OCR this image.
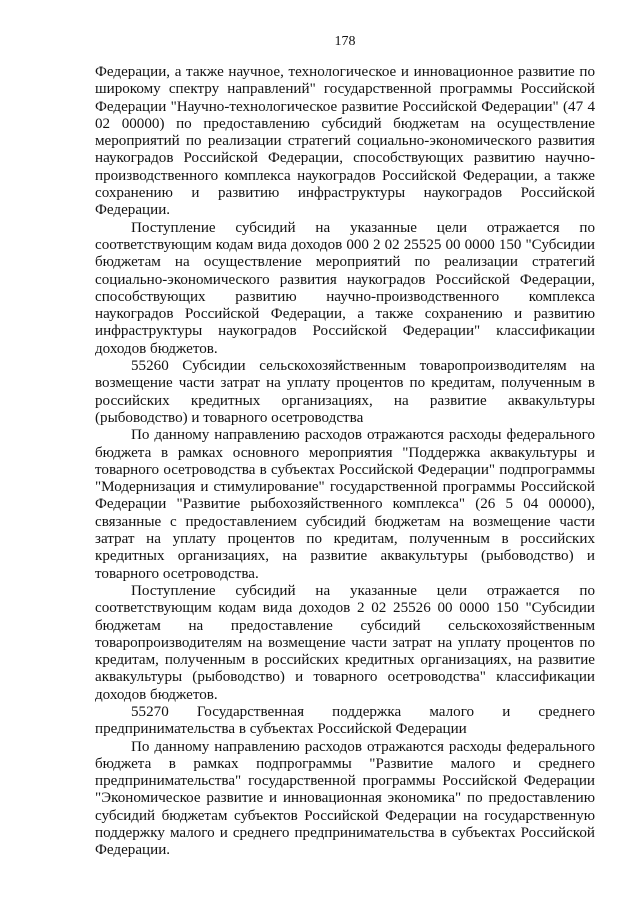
178

Федерации, а также научное, технологическое и инновационное развитие по широкому спектру направлений" государственной программы Российской Федерации "Научно-технологическое развитие Российской Федерации" (47 4 02 00000) по предоставлению субсидий бюджетам на осуществление мероприятий по реализации стратегий социально-экономического развития наукоградов Российской Федерации, способствующих развитию научно-производственного комплекса наукоградов Российской Федерации, а также сохранению и развитию инфраструктуры наукоградов Российской Федерации.

Поступление субсидий на указанные цели отражается по соответствующим кодам вида доходов 000 2 02 25525 00 0000 150 "Субсидии бюджетам на осуществление мероприятий по реализации стратегий социально-экономического развития наукоградов Российской Федерации, способствующих развитию научно-производственного комплекса наукоградов Российской Федерации, а также сохранению и развитию инфраструктуры наукоградов Российской Федерации" классификации доходов бюджетов.

55260 Субсидии сельскохозяйственным товаропроизводителям на возмещение части затрат на уплату процентов по кредитам, полученным в российских кредитных организациях, на развитие аквакультуры (рыбоводство) и товарного осетроводства

По данному направлению расходов отражаются расходы федерального бюджета в рамках основного мероприятия "Поддержка аквакультуры и товарного осетроводства в субъектах Российской Федерации" подпрограммы "Модернизация и стимулирование" государственной программы Российской Федерации "Развитие рыбохозяйственного комплекса" (26 5 04 00000), связанные с предоставлением субсидий бюджетам на возмещение части затрат на уплату процентов по кредитам, полученным в российских кредитных организациях, на развитие аквакультуры (рыбоводство) и товарного осетроводства.

Поступление субсидий на указанные цели отражается по соответствующим кодам вида доходов 2 02 25526 00 0000 150 "Субсидии бюджетам на предоставление субсидий сельскохозяйственным товаропроизводителям на возмещение части затрат на уплату процентов по кредитам, полученным в российских кредитных организациях, на развитие аквакультуры (рыбоводство) и товарного осетроводства" классификации доходов бюджетов.

55270 Государственная поддержка малого и среднего предпринимательства в субъектах Российской Федерации

По данному направлению расходов отражаются расходы федерального бюджета в рамках подпрограммы "Развитие малого и среднего предпринимательства" государственной программы Российской Федерации "Экономическое развитие и инновационная экономика" по предоставлению субсидий бюджетам субъектов Российской Федерации на государственную поддержку малого и среднего предпринимательства в субъектах Российской Федерации.
